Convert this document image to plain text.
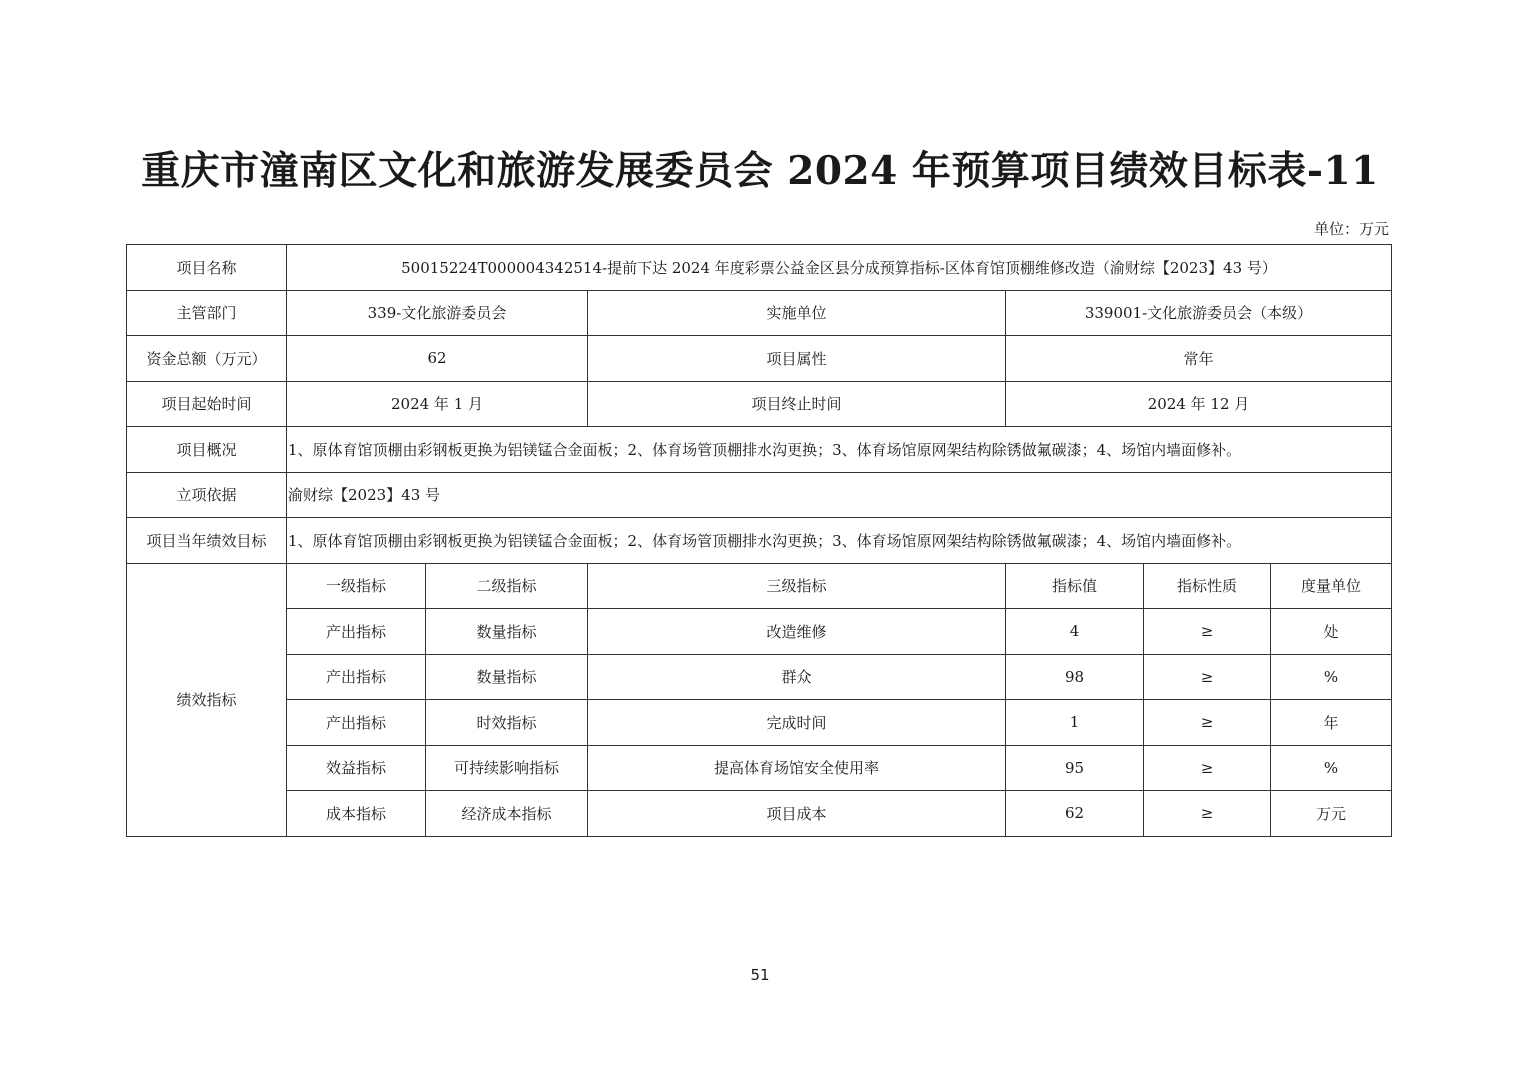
重庆市潼南区文化和旅游发展委员会 2024 年预算项目绩效目标表-11
单位：万元
项目名称	50015224T000004342514-提前下达 2024 年度彩票公益金区县分成预算指标-区体育馆顶棚维修改造（渝财综【2023】43 号）						
主管部门	339-文化旅游委员会		实施单位	339001-文化旅游委员会（本级）			
资金总额（万元）	62		项目属性	常年			
项目起始时间	2024 年 1 月		项目终止时间	2024 年 12 月			
项目概况	1、原体育馆顶棚由彩钢板更换为铝镁锰合金面板；2、体育场管顶棚排水沟更换；3、体育场馆原网架结构除锈做氟碳漆；4、场馆内墙面修补。						
立项依据	渝财综【2023】43 号						
项目当年绩效目标	1、原体育馆顶棚由彩钢板更换为铝镁锰合金面板；2、体育场管顶棚排水沟更换；3、体育场馆原网架结构除锈做氟碳漆；4、场馆内墙面修补。						
绩效指标	一级指标	二级指标	三级指标	指标值	指标性质	度量单位	
	产出指标	数量指标	改造维修	4	≥	处	
	产出指标	数量指标	群众	98	≥	%	
	产出指标	时效指标	完成时间	1	≥	年	
	效益指标	可持续影响指标	提高体育场馆安全使用率	95	≥	%	
	成本指标	经济成本指标	项目成本	62	≥	万元	
51
